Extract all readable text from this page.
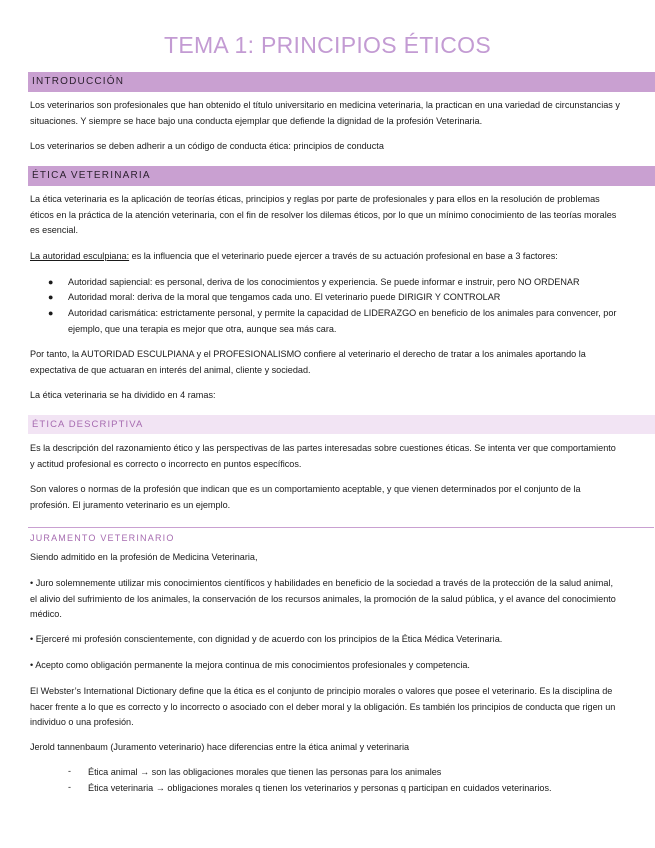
TEMA 1: PRINCIPIOS ÉTICOS
INTRODUCCIÓN
Los veterinarios son profesionales que han obtenido el título universitario en medicina veterinaria, la practican en una variedad de circunstancias y situaciones. Y siempre se hace bajo una conducta ejemplar que defiende la dignidad de la profesión Veterinaria.
Los veterinarios se deben adherir a un código de conducta ética: principios de conducta
ÉTICA VETERINARIA
La ética veterinaria es la aplicación de teorías éticas, principios y reglas por parte de profesionales y para ellos en la resolución de problemas éticos en la práctica de la atención veterinaria, con el fin de resolver los dilemas éticos, por lo que un mínimo conocimiento de las teorías morales es esencial.
La autoridad esculpiana: es la influencia que el veterinario puede ejercer a través de su actuación profesional en base a 3 factores:
● Autoridad sapiencial: es personal, deriva de los conocimientos y experiencia. Se puede informar e instruir, pero NO ORDENAR
● Autoridad moral: deriva de la moral que tengamos cada uno. El veterinario puede DIRIGIR Y CONTROLAR
● Autoridad carismática: estrictamente personal, y permite la capacidad de LIDERAZGO en beneficio de los animales para convencer, por ejemplo, que una terapia es mejor que otra, aunque sea más cara.
Por tanto, la AUTORIDAD ESCULPIANA y el PROFESIONALISMO confiere al veterinario el derecho de tratar a los animales aportando la expectativa de que actuaran en interés del animal, cliente y sociedad.
La ética veterinaria se ha dividido en 4 ramas:
ÉTICA DESCRIPTIVA
Es la descripción del razonamiento ético y las perspectivas de las partes interesadas sobre cuestiones éticas. Se intenta ver que comportamiento y actitud profesional es correcto o incorrecto en puntos específicos.
Son valores o normas de la profesión que indican que es un comportamiento aceptable, y que vienen determinados por el conjunto de la profesión. El juramento veterinario es un ejemplo.
JURAMENTO VETERINARIO
Siendo admitido en la profesión de Medicina Veterinaria,
• Juro solemnemente utilizar mis conocimientos científicos y habilidades en beneficio de la sociedad a través de la protección de la salud animal, el alivio del sufrimiento de los animales, la conservación de los recursos animales, la promoción de la salud pública, y el avance del conocimiento médico.
• Ejerceré mi profesión conscientemente, con dignidad y de acuerdo con los principios de la Ética Médica Veterinaria.
• Acepto como obligación permanente la mejora continua de mis conocimientos profesionales y competencia.
El Webster’s International Dictionary define que la ética es el conjunto de principio morales o valores que posee el veterinario. Es la disciplina de hacer frente a lo que es correcto y lo incorrecto o asociado con el deber moral y la obligación. Es también los principios de conducta que rigen un individuo o una profesión.
Jerold tannenbaum (Juramento veterinario) hace diferencias entre la ética animal y veterinaria
- Ética animal → son las obligaciones morales que tienen las personas para los animales
- Ética veterinaria → obligaciones morales q tienen los veterinarios y personas q participan en cuidados veterinarios.
